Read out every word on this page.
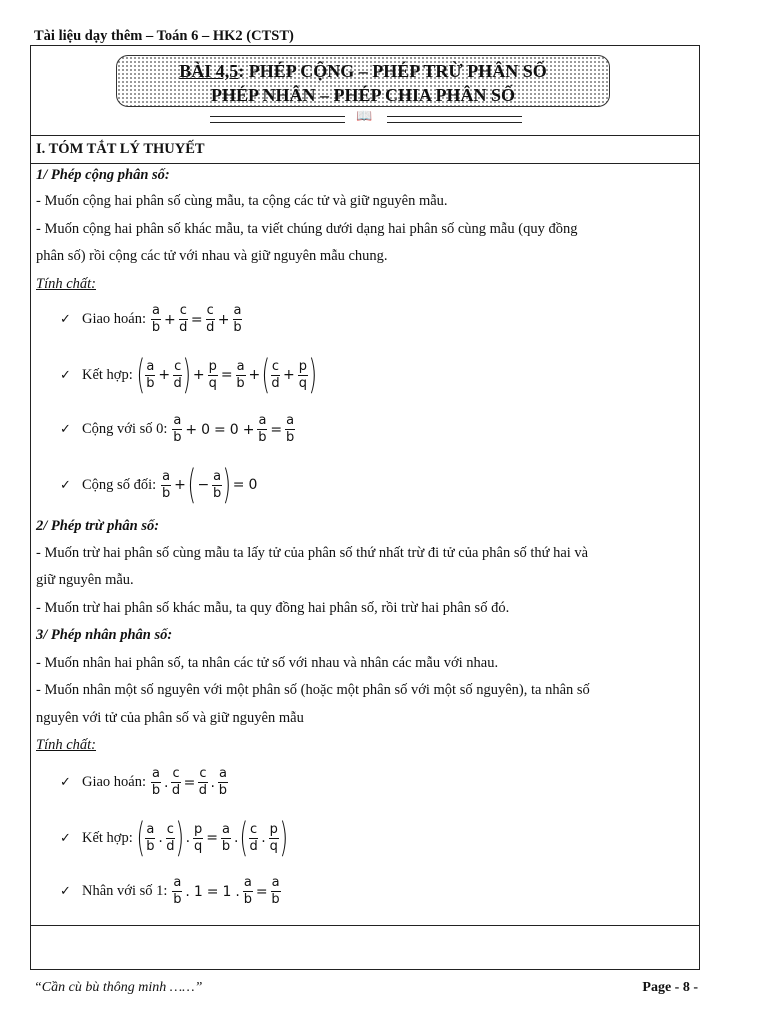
Tài liệu dạy thêm – Toán 6 – HK2 (CTST)
BÀI 4,5: PHÉP CỘNG – PHÉP TRỪ PHÂN SỐ
PHÉP NHÂN – PHÉP CHIA PHÂN SỐ
📖
I. TÓM TẮT LÝ THUYẾT
1/ Phép cộng phân số:
- Muốn cộng hai phân số cùng mẫu, ta cộng các tử và giữ nguyên mẫu.
- Muốn cộng hai phân số khác mẫu, ta viết chúng dưới dạng hai phân số cùng mẫu (quy đồng
phân số) rồi cộng các tử với nhau và giữ nguyên mẫu chung.
Tính chất:
✓ Giao hoán: $\frac{a}{b} + \frac{c}{d} = \frac{c}{d} + \frac{a}{b}$
✓ Kết hợp: ( $\frac{a}{b} + \frac{c}{d}$ ) + $\frac{p}{q} = \frac{a}{b}$ + ( $\frac{c}{d} + \frac{p}{q}$ )
✓ Cộng với số 0: $\frac{a}{b} + 0 = 0 + \frac{a}{b} = \frac{a}{b}$
✓ Cộng số đối: $\frac{a}{b}$ + ( − $\frac{a}{b}$ ) = 0
2/ Phép trừ phân số:
- Muốn trừ hai phân số cùng mẫu ta lấy tử của phân số thứ nhất trừ đi tử của phân số thứ hai và
giữ nguyên mẫu.
- Muốn trừ hai phân số khác mẫu, ta quy đồng hai phân số, rồi trừ hai phân số đó.
3/ Phép nhân phân số:
- Muốn nhân hai phân số, ta nhân các tử số với nhau và nhân các mẫu với nhau.
- Muốn nhân một số nguyên với một phân số (hoặc một phân số với một số nguyên), ta nhân số
nguyên với tử của phân số và giữ nguyên mẫu
Tính chất:
✓ Giao hoán: $\frac{a}{b}$ . $\frac{c}{d} = \frac{c}{d}$ . $\frac{a}{b}$
✓ Kết hợp: ( $\frac{a}{b}$ . $\frac{c}{d}$ ) . $\frac{p}{q} = \frac{a}{b}$ . ( $\frac{c}{d}$ . $\frac{p}{q}$ )
✓ Nhân với số 1: $\frac{a}{b}$ . 1 = 1 . $\frac{a}{b} = \frac{a}{b}$
“Cần cù bù thông minh ……”	Page - 8 -
